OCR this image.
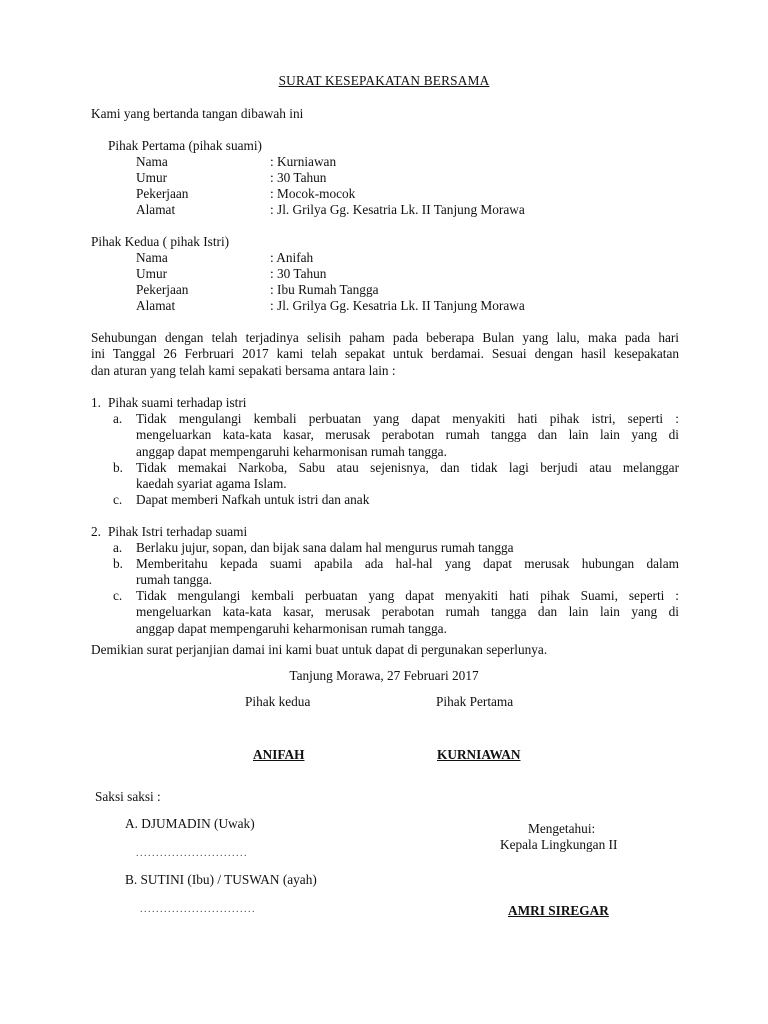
SURAT KESEPAKATAN BERSAMA
Kami yang bertanda tangan dibawah ini
Pihak Pertama (pihak suami)
Nama	: Kurniawan
Umur	: 30 Tahun
Pekerjaan	: Mocok-mocok
Alamat	: Jl. Grilya Gg. Kesatria Lk. II Tanjung Morawa
Pihak Kedua ( pihak Istri)
Nama	: Anifah
Umur	: 30 Tahun
Pekerjaan	: Ibu Rumah Tangga
Alamat	: Jl. Grilya Gg. Kesatria Lk. II Tanjung Morawa
Sehubungan dengan telah terjadinya selisih paham pada beberapa Bulan yang lalu, maka pada hari
ini Tanggal 26 Ferbruari 2017 kami telah sepakat untuk berdamai. Sesuai dengan hasil kesepakatan
dan aturan yang telah kami sepakati bersama antara lain :
1. Pihak suami terhadap istri
a. Tidak mengulangi kembali perbuatan yang dapat menyakiti hati pihak istri, seperti :
mengeluarkan kata-kata kasar, merusak perabotan rumah tangga dan lain lain yang di
anggap dapat mempengaruhi keharmonisan rumah tangga.
b. Tidak memakai Narkoba, Sabu atau sejenisnya, dan tidak lagi berjudi atau melanggar
kaedah syariat agama Islam.
c. Dapat memberi Nafkah untuk istri dan anak
2. Pihak Istri terhadap suami
a. Berlaku jujur, sopan, dan bijak sana dalam hal mengurus rumah tangga
b. Memberitahu kepada suami apabila ada hal-hal yang dapat merusak hubungan dalam
rumah tangga.
c. Tidak mengulangi kembali perbuatan yang dapat menyakiti hati pihak Suami, seperti :
mengeluarkan kata-kata kasar, merusak perabotan rumah tangga dan lain lain yang di
anggap dapat mempengaruhi keharmonisan rumah tangga.
Demikian surat perjanjian damai ini kami buat untuk dapat di pergunakan seperlunya.
Tanjung Morawa, 27 Februari 2017
Pihak kedua	Pihak Pertama
ANIFAH	KURNIAWAN
Saksi saksi :
A. DJUMADIN (Uwak)
............................
B. SUTINI (Ibu) / TUSWAN (ayah)
.............................
Mengetahui:
Kepala Lingkungan II
AMRI SIREGAR
